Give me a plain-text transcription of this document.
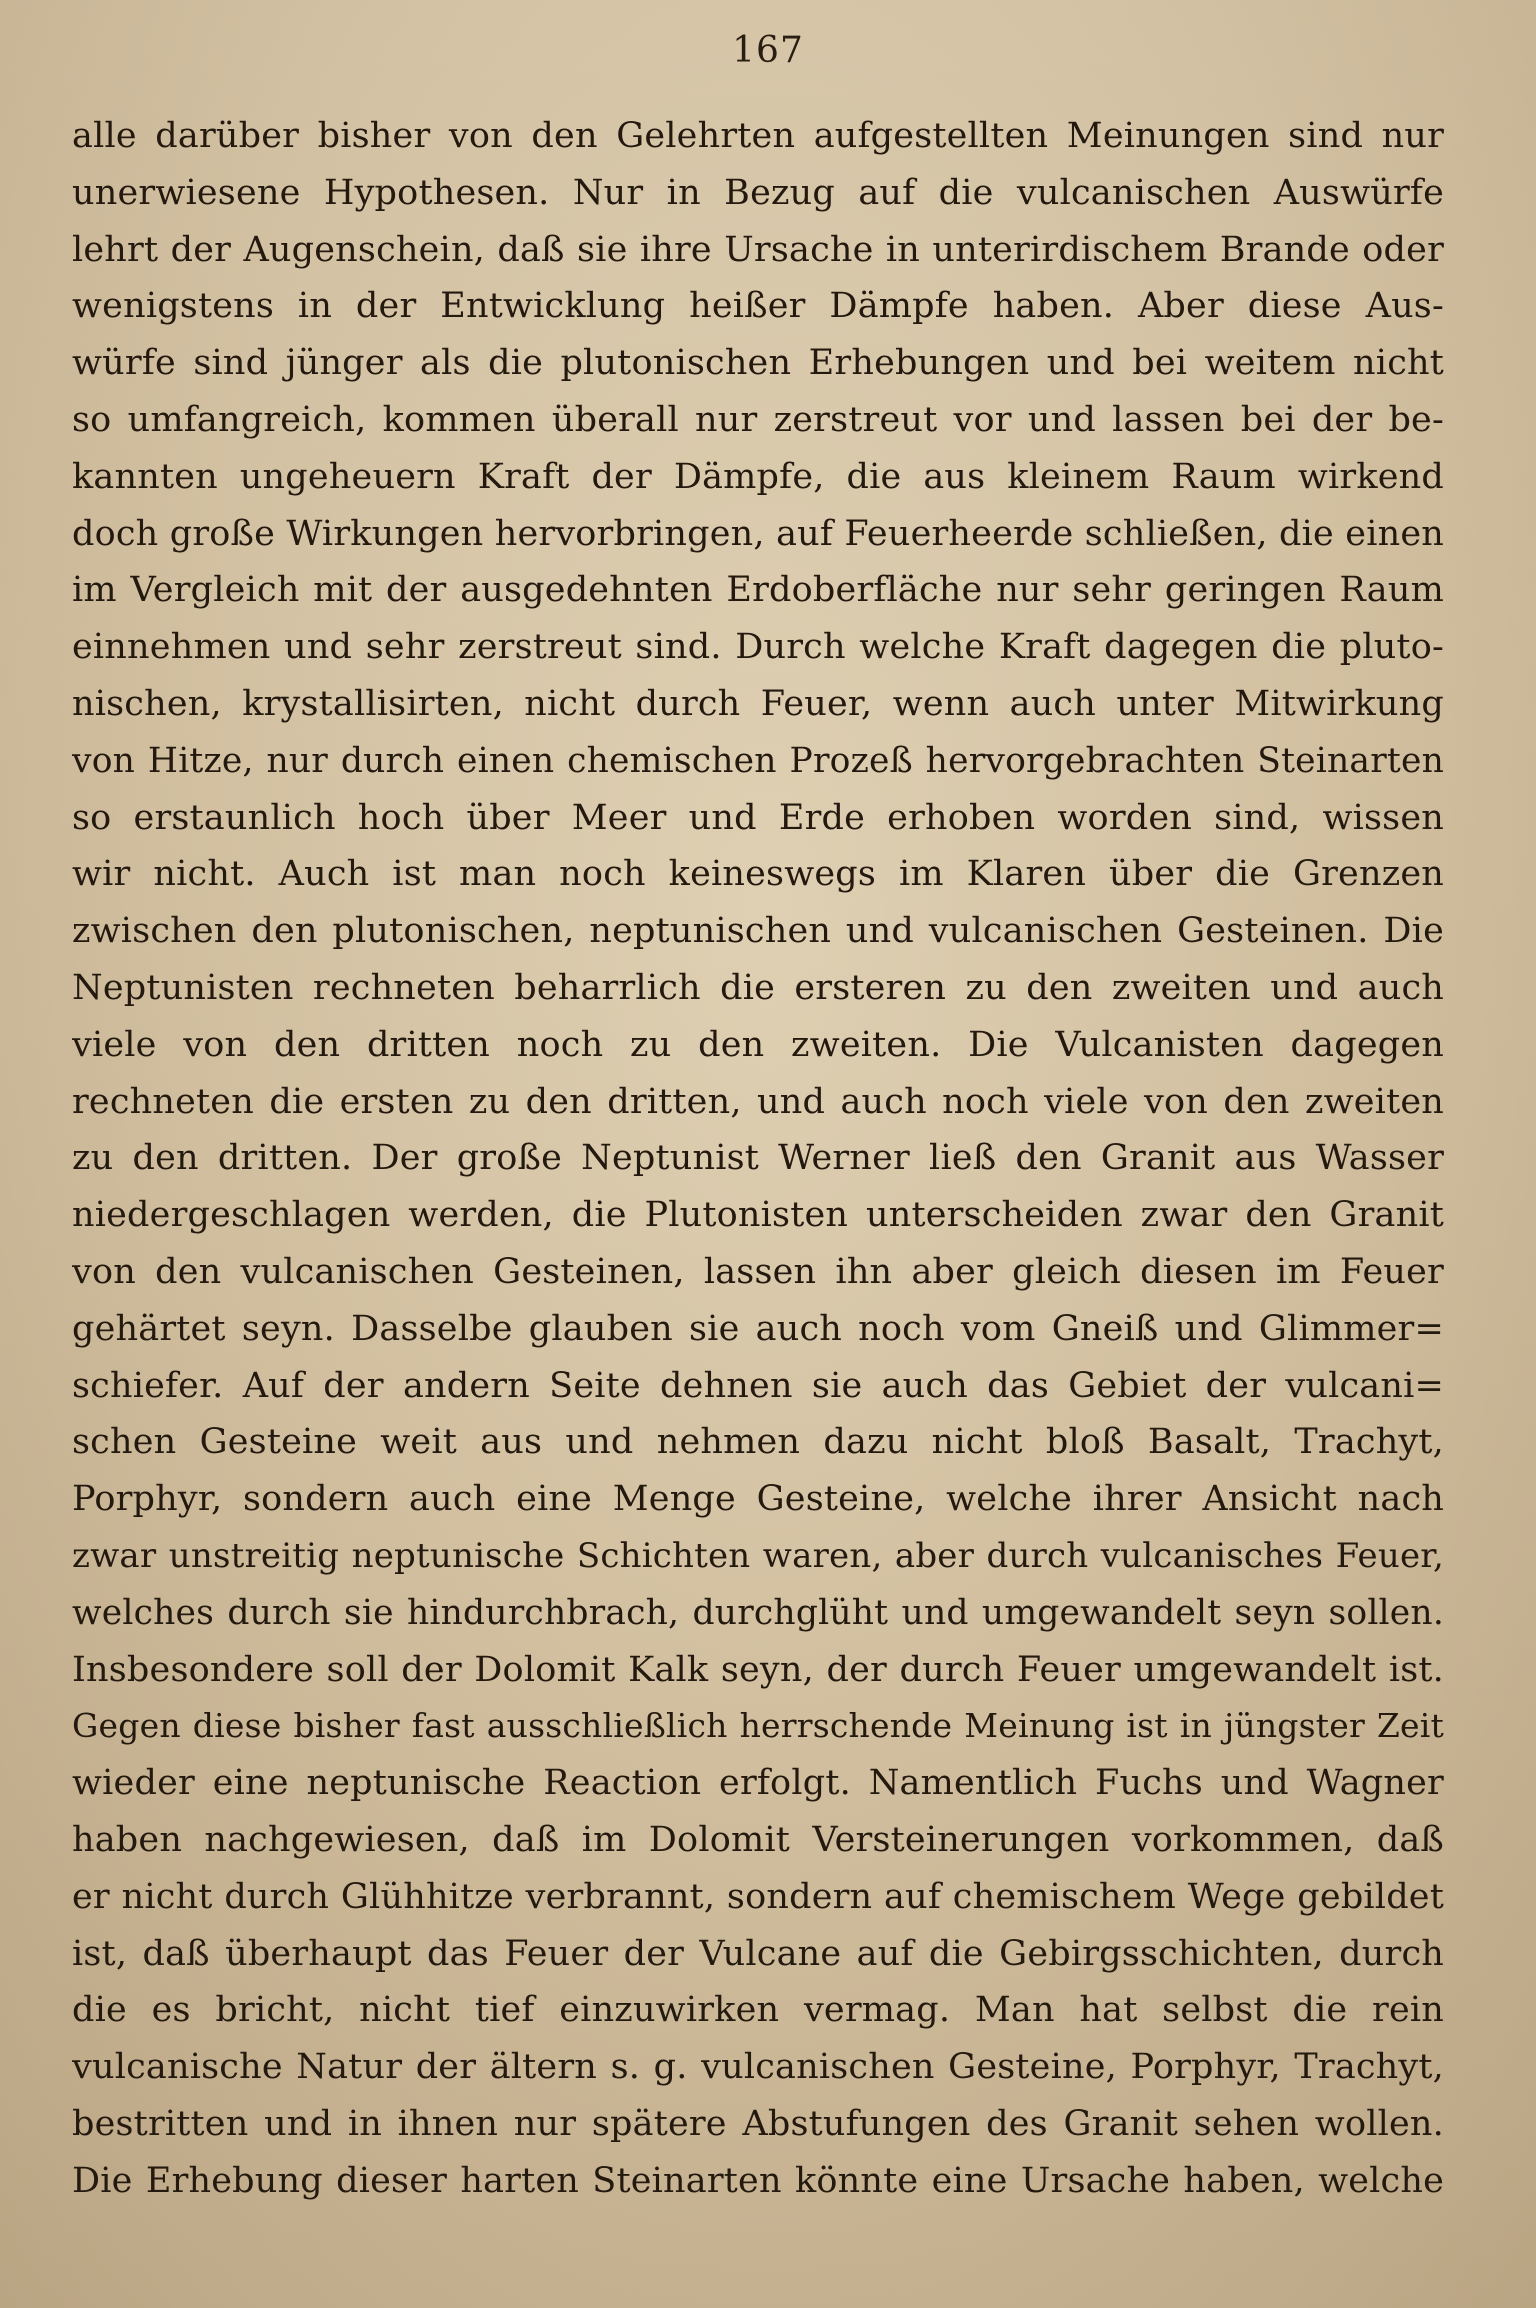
167
alle darüber bisher von den Gelehrten aufgestellten Meinungen sind nur
unerwiesene Hypothesen. Nur in Bezug auf die vulcanischen Auswürfe
lehrt der Augenschein, daß sie ihre Ursache in unterirdischem Brande oder
wenigstens in der Entwicklung heißer Dämpfe haben. Aber diese Aus-
würfe sind jünger als die plutonischen Erhebungen und bei weitem nicht
so umfangreich, kommen überall nur zerstreut vor und lassen bei der be-
kannten ungeheuern Kraft der Dämpfe, die aus kleinem Raum wirkend
doch große Wirkungen hervorbringen, auf Feuerheerde schließen, die einen
im Vergleich mit der ausgedehnten Erdoberfläche nur sehr geringen Raum
einnehmen und sehr zerstreut sind. Durch welche Kraft dagegen die pluto-
nischen, krystallisirten, nicht durch Feuer, wenn auch unter Mitwirkung
von Hitze, nur durch einen chemischen Prozeß hervorgebrachten Steinarten
so erstaunlich hoch über Meer und Erde erhoben worden sind, wissen
wir nicht. Auch ist man noch keineswegs im Klaren über die Grenzen
zwischen den plutonischen, neptunischen und vulcanischen Gesteinen. Die
Neptunisten rechneten beharrlich die ersteren zu den zweiten und auch
viele von den dritten noch zu den zweiten. Die Vulcanisten dagegen
rechneten die ersten zu den dritten, und auch noch viele von den zweiten
zu den dritten. Der große Neptunist Werner ließ den Granit aus Wasser
niedergeschlagen werden, die Plutonisten unterscheiden zwar den Granit
von den vulcanischen Gesteinen, lassen ihn aber gleich diesen im Feuer
gehärtet seyn. Dasselbe glauben sie auch noch vom Gneiß und Glimmer=
schiefer. Auf der andern Seite dehnen sie auch das Gebiet der vulcani=
schen Gesteine weit aus und nehmen dazu nicht bloß Basalt, Trachyt,
Porphyr, sondern auch eine Menge Gesteine, welche ihrer Ansicht nach
zwar unstreitig neptunische Schichten waren, aber durch vulcanisches Feuer,
welches durch sie hindurchbrach, durchglüht und umgewandelt seyn sollen.
Insbesondere soll der Dolomit Kalk seyn, der durch Feuer umgewandelt ist.
Gegen diese bisher fast ausschließlich herrschende Meinung ist in jüngster Zeit
wieder eine neptunische Reaction erfolgt. Namentlich Fuchs und Wagner
haben nachgewiesen, daß im Dolomit Versteinerungen vorkommen, daß
er nicht durch Glühhitze verbrannt, sondern auf chemischem Wege gebildet
ist, daß überhaupt das Feuer der Vulcane auf die Gebirgsschichten, durch
die es bricht, nicht tief einzuwirken vermag. Man hat selbst die rein
vulcanische Natur der ältern s. g. vulcanischen Gesteine, Porphyr, Trachyt,
bestritten und in ihnen nur spätere Abstufungen des Granit sehen wollen.
Die Erhebung dieser harten Steinarten könnte eine Ursache haben, welche
